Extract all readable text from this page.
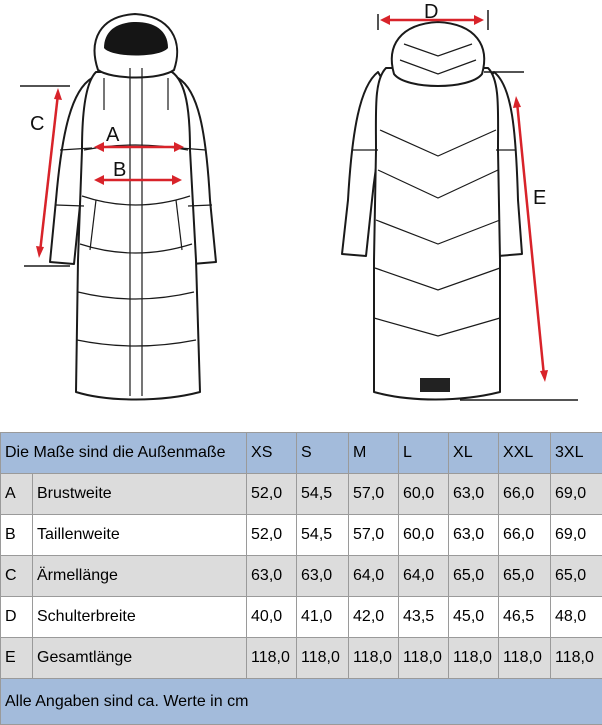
C	A
B
D
E
Die Maße sind die Außenmaße		XS	S	M	L	XL	XXL	3XL
A	Brustweite	52,0	54,5	57,0	60,0	63,0	66,0	69,0
B	Taillenweite	52,0	54,5	57,0	60,0	63,0	66,0	69,0
C	Ärmellänge	63,0	63,0	64,0	64,0	65,0	65,0	65,0
D	Schulterbreite	40,0	41,0	42,0	43,5	45,0	46,5	48,0
E	Gesamtlänge	118,0	118,0	118,0	118,0	118,0	118,0	118,0
Alle Angaben sind ca. Werte in cm								
